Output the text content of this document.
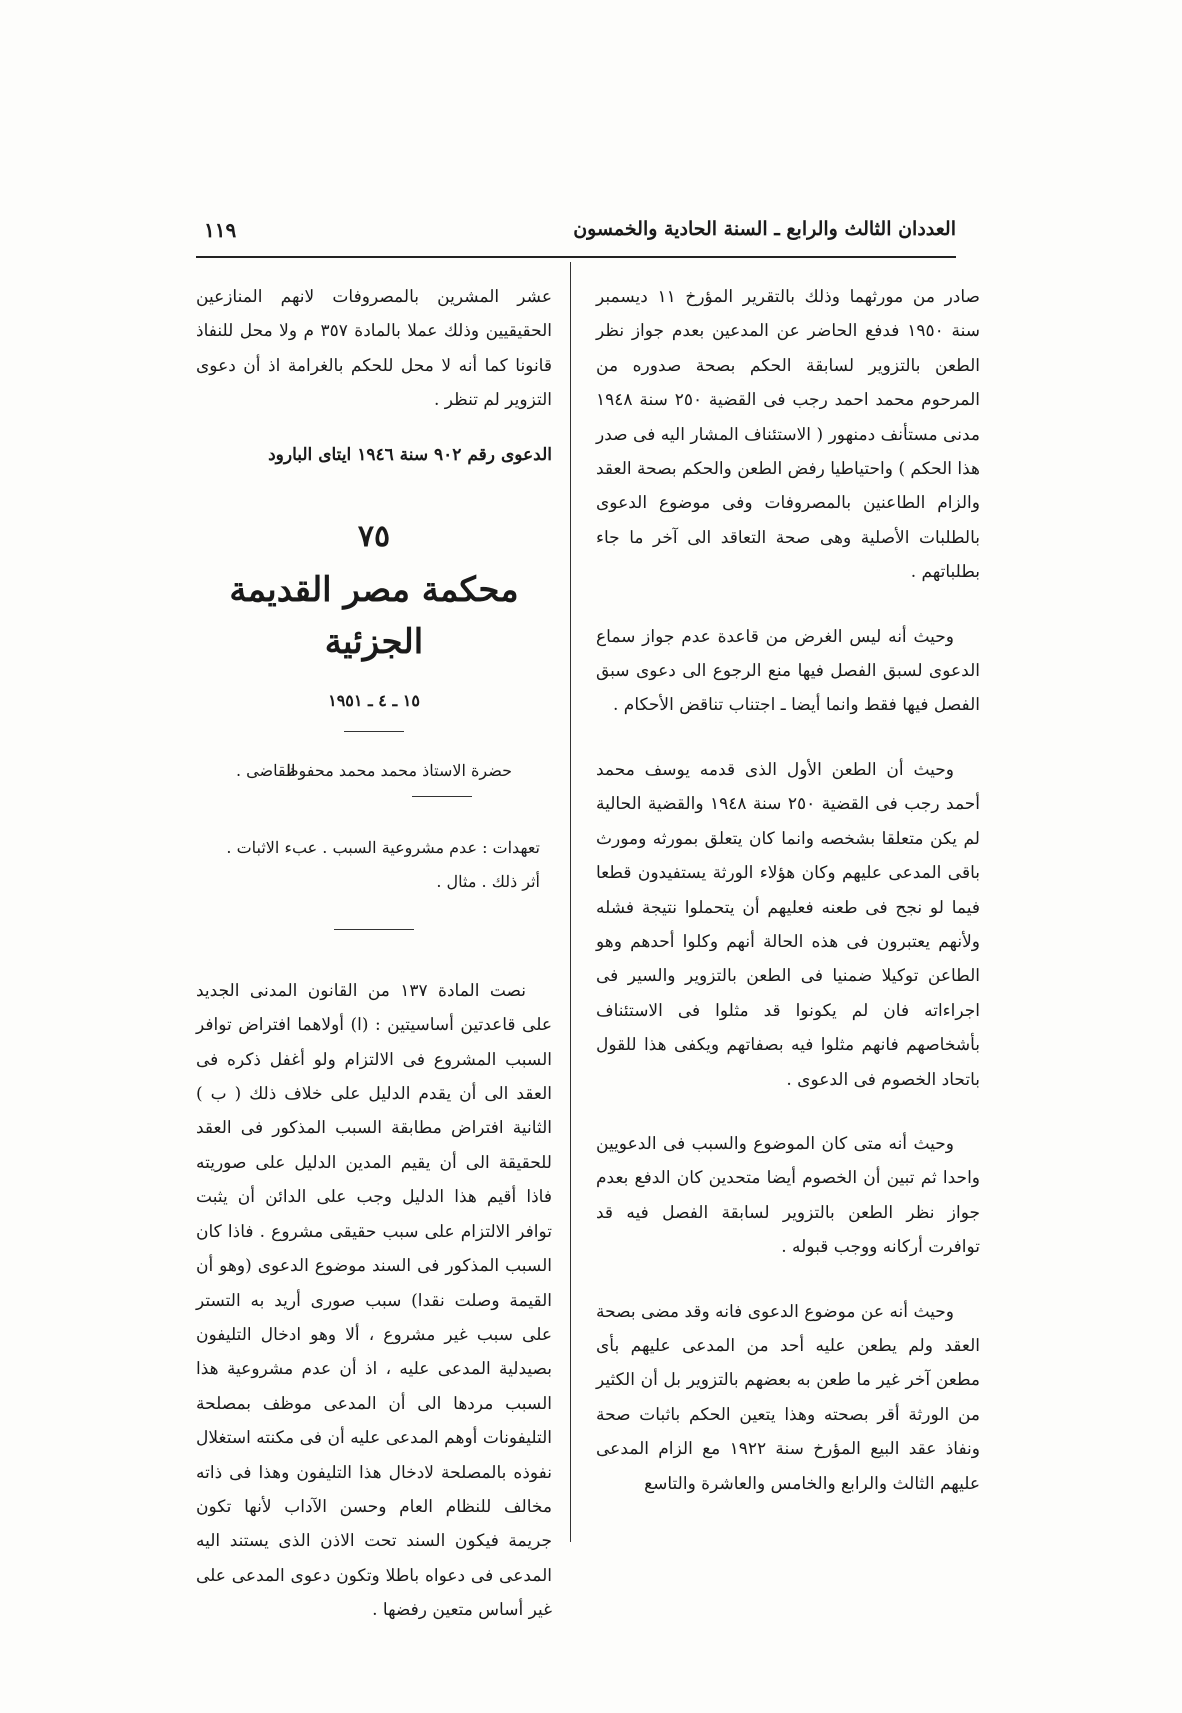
العددان الثالث والرابع ـ السنة الحادية والخمسون
١١٩

صادر من مورثهما وذلك بالتقرير المؤرخ ١١ ديسمبر سنة ١٩٥٠ فدفع الحاضر عن المدعين بعدم جواز نظر الطعن بالتزوير لسابقة الحكم بصحة صدوره من المرحوم محمد احمد رجب فى القضية ٢٥٠ سنة ١٩٤٨ مدنى مستأنف دمنهور ( الاستئناف المشار اليه فى صدر هذا الحكم ) واحتياطيا رفض الطعن والحكم بصحة العقد والزام الطاعنين بالمصروفات وفى موضوع الدعوى بالطلبات الأصلية وهى صحة التعاقد الى آخر ما جاء بطلباتهم .

وحيث أنه ليس الغرض من قاعدة عدم جواز سماع الدعوى لسبق الفصل فيها منع الرجوع الى دعوى سبق الفصل فيها فقط وانما أيضا ـ اجتناب تناقض الأحكام .

وحيث أن الطعن الأول الذى قدمه يوسف محمد أحمد رجب فى القضية ٢٥٠ سنة ١٩٤٨ والقضية الحالية لم يكن متعلقا بشخصه وانما كان يتعلق بمورثه ومورث باقى المدعى عليهم وكان هؤلاء الورثة يستفيدون قطعا فيما لو نجح فى طعنه فعليهم أن يتحملوا نتيجة فشله ولأنهم يعتبرون فى هذه الحالة أنهم وكلوا أحدهم وهو الطاعن توكيلا ضمنيا فى الطعن بالتزوير والسير فى اجراءاته فان لم يكونوا قد مثلوا فى الاستئناف بأشخاصهم فانهم مثلوا فيه بصفاتهم ويكفى هذا للقول باتحاد الخصوم فى الدعوى .

وحيث أنه متى كان الموضوع والسبب فى الدعويين واحدا ثم تبين أن الخصوم أيضا متحدين كان الدفع بعدم جواز نظر الطعن بالتزوير لسابقة الفصل فيه قد توافرت أركانه ووجب قبوله .

وحيث أنه عن موضوع الدعوى فانه وقد مضى بصحة العقد ولم يطعن عليه أحد من المدعى عليهم بأى مطعن آخر غير ما طعن به بعضهم بالتزوير بل أن الكثير من الورثة أقر بصحته وهذا يتعين الحكم باثبات صحة ونفاذ عقد البيع المؤرخ سنة ١٩٢٢ مع الزام المدعى عليهم الثالث والرابع والخامس والعاشرة والتاسع

عشر المشرين بالمصروفات لانهم المنازعين الحقيقيين وذلك عملا بالمادة ٣٥٧ م ولا محل للنفاذ قانونا كما أنه لا محل للحكم بالغرامة اذ أن دعوى التزوير لم تنظر .

الدعوى رقم ٩٠٢ سنة ١٩٤٦ ايتاى البارود
٧٥
محكمة مصر القديمة الجزئية
١٥ ـ ٤ ـ ١٩٥١
حضرة الاستاذ محمد محمد محفوظ
القاضى .
تعهدات : عدم مشروعية السبب . عبء الاثبات .
أثر ذلك . مثال .

نصت المادة ١٣٧ من القانون المدنى الجديد على قاعدتين أساسيتين : (ا) أولاهما افتراض توافر السبب المشروع فى الالتزام ولو أغفل ذكره فى العقد الى أن يقدم الدليل على خلاف ذلك ( ب ) الثانية افتراض مطابقة السبب المذكور فى العقد للحقيقة الى أن يقيم المدين الدليل على صوريته فاذا أقيم هذا الدليل وجب على الدائن أن يثبت توافر الالتزام على سبب حقيقى مشروع . فاذا كان السبب المذكور فى السند موضوع الدعوى (وهو أن القيمة وصلت نقدا) سبب صورى أريد به التستر على سبب غير مشروع ، ألا وهو ادخال التليفون بصيدلية المدعى عليه ، اذ أن عدم مشروعية هذا السبب مردها الى أن المدعى موظف بمصلحة التليفونات أوهم المدعى عليه أن فى مكنته استغلال نفوذه بالمصلحة لادخال هذا التليفون وهذا فى ذاته مخالف للنظام العام وحسن الآداب لأنها تكون جريمة فيكون السند تحت الاذن الذى يستند اليه المدعى فى دعواه باطلا وتكون دعوى المدعى على غير أساس متعين رفضها .
